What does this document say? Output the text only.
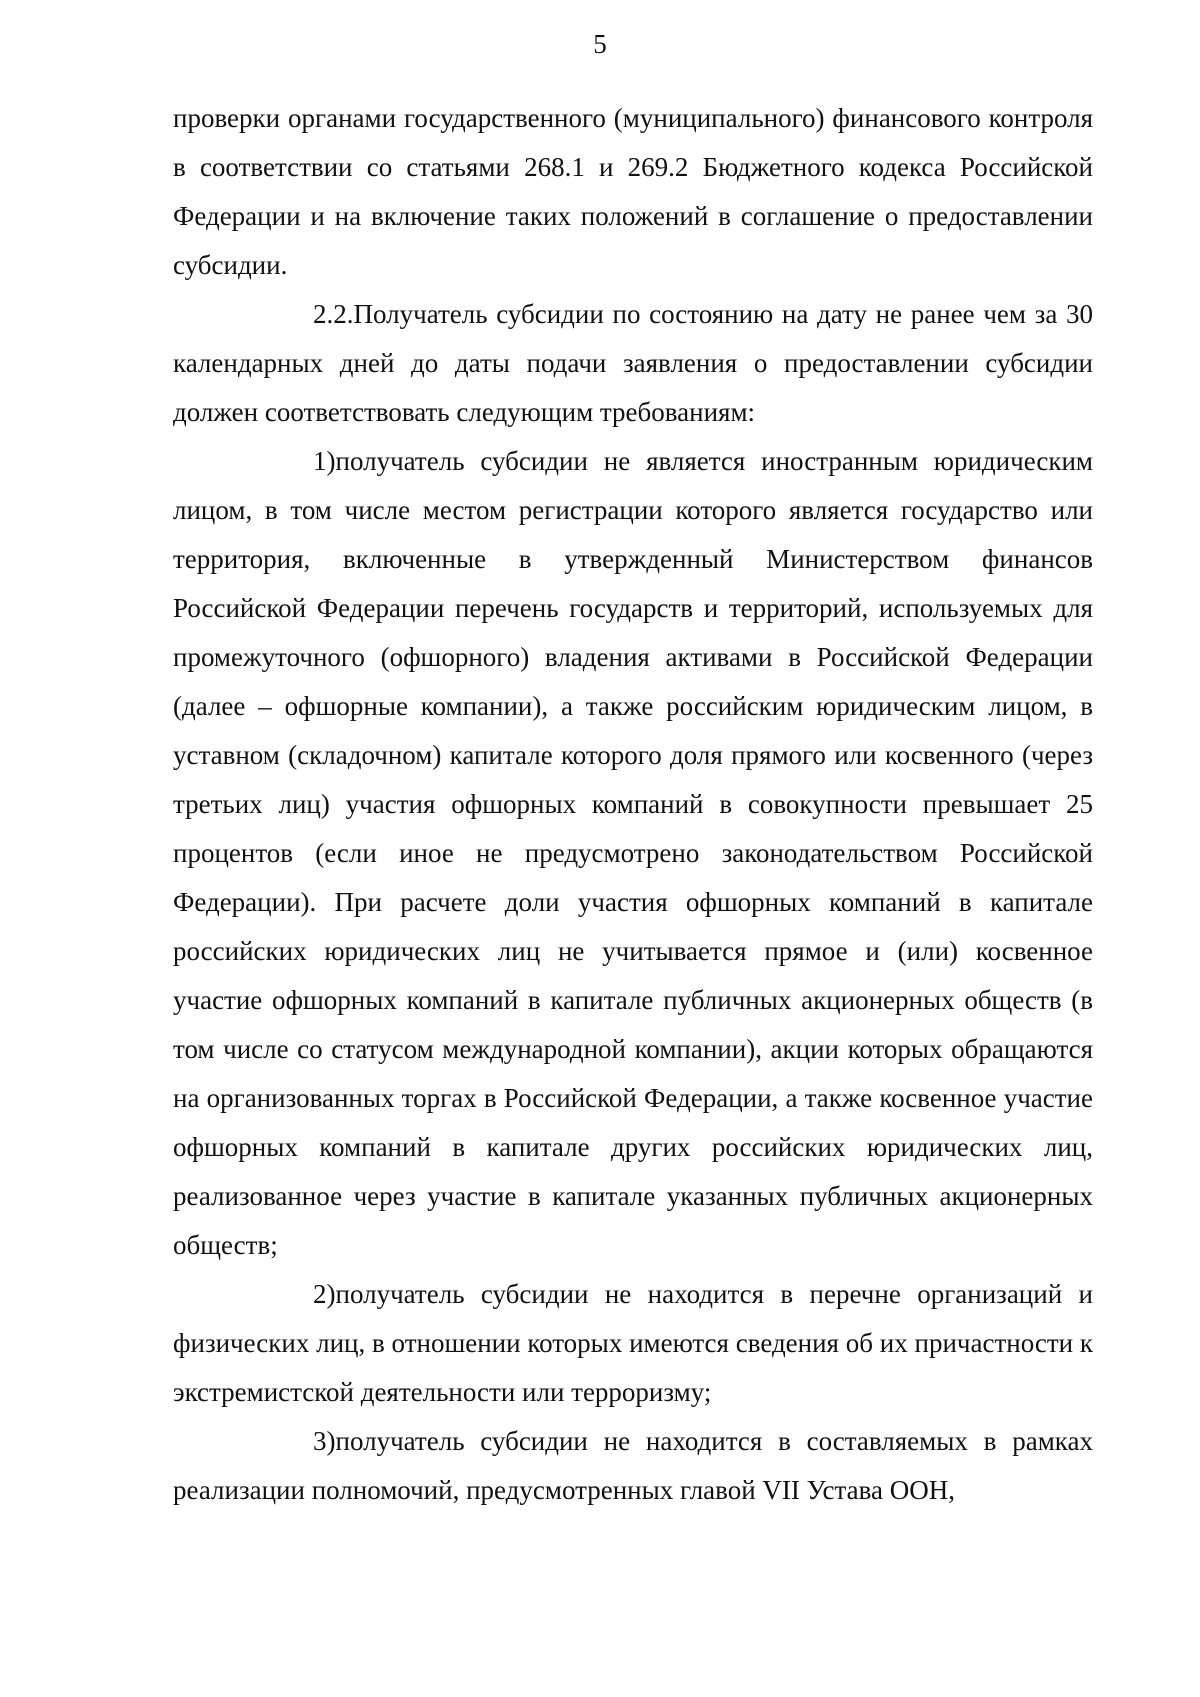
5

проверки органами государственного (муниципального) финансового контроля в соответствии со статьями 268.1 и 269.2 Бюджетного кодекса Российской Федерации и на включение таких положений в соглашение о предоставлении субсидии.

2.2.Получатель субсидии по состоянию на дату не ранее чем за 30 календарных дней до даты подачи заявления о предоставлении субсидии должен соответствовать следующим требованиям:

1)получатель субсидии не является иностранным юридическим лицом, в том числе местом регистрации которого является государство или территория, включенные в утвержденный Министерством финансов Российской Федерации перечень государств и территорий, используемых для промежуточного (офшорного) владения активами в Российской Федерации (далее – офшорные компании), а также российским юридическим лицом, в уставном (складочном) капитале которого доля прямого или косвенного (через третьих лиц) участия офшорных компаний в совокупности превышает 25 процентов (если иное не предусмотрено законодательством Российской Федерации). При расчете доли участия офшорных компаний в капитале российских юридических лиц не учитывается прямое и (или) косвенное участие офшорных компаний в капитале публичных акционерных обществ (в том числе со статусом международной компании), акции которых обращаются на организованных торгах в Российской Федерации, а также косвенное участие офшорных компаний в капитале других российских юридических лиц, реализованное через участие в капитале указанных публичных акционерных обществ;

2)получатель субсидии не находится в перечне организаций и физических лиц, в отношении которых имеются сведения об их причастности к экстремистской деятельности или терроризму;

3)получатель субсидии не находится в составляемых в рамках реализации полномочий, предусмотренных главой VII Устава ООН,
